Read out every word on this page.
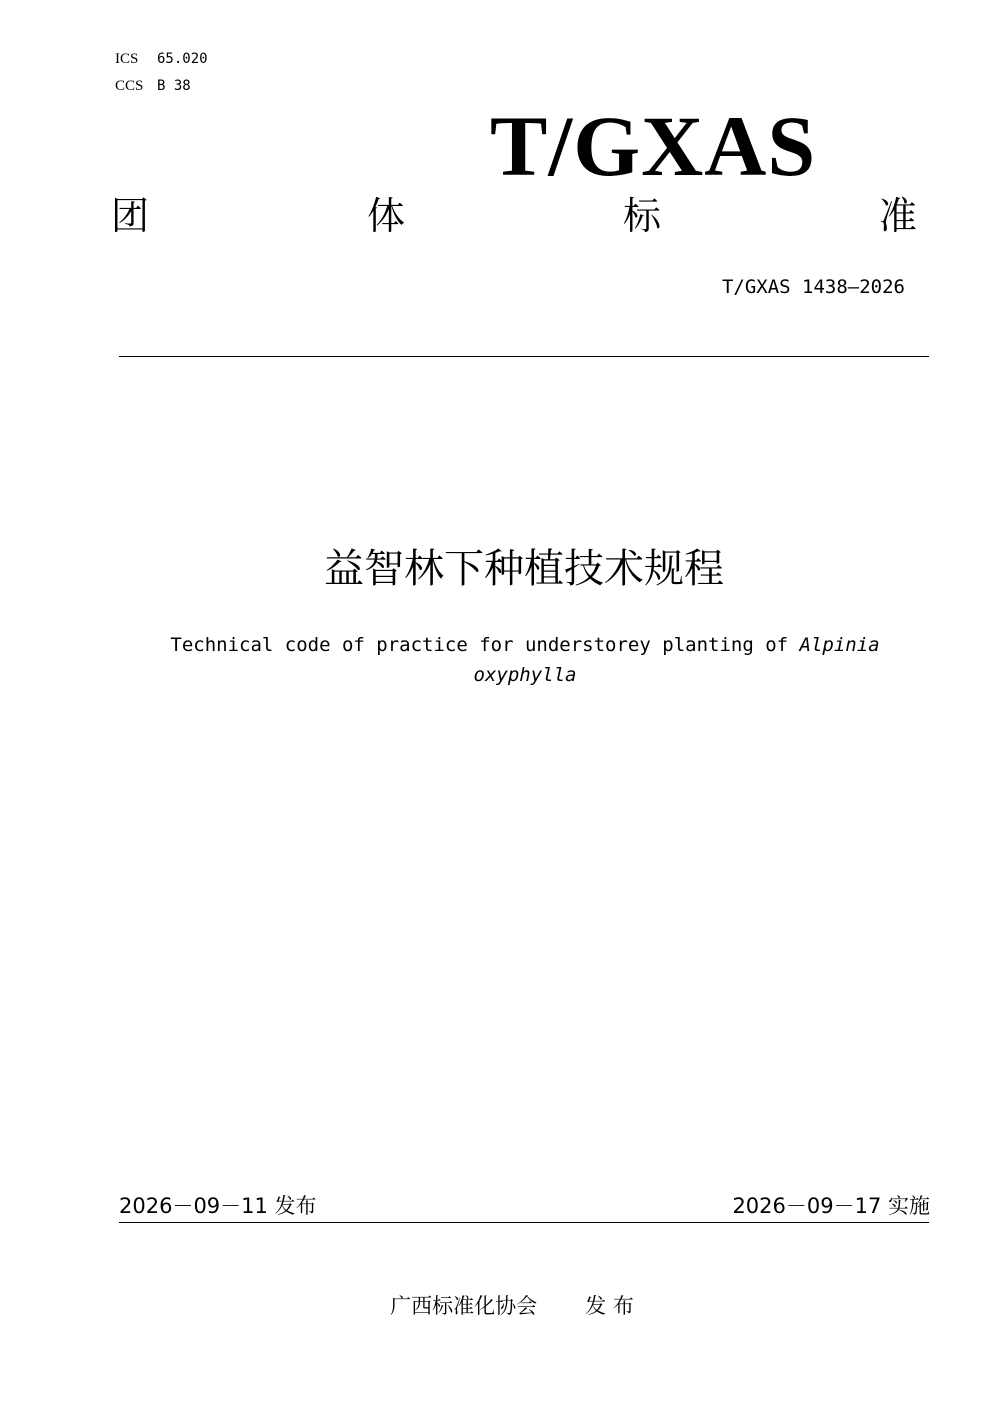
ICS 65.020
CCS B 38
T/GXAS
团	体	标	准
T/GXAS 1438—2026
益智林下种植技术规程
Technical code of practice for understorey planting of Alpinia oxyphylla
2026－09－11 发布	2026－09－17 实施
广西标准化协会 发 布
